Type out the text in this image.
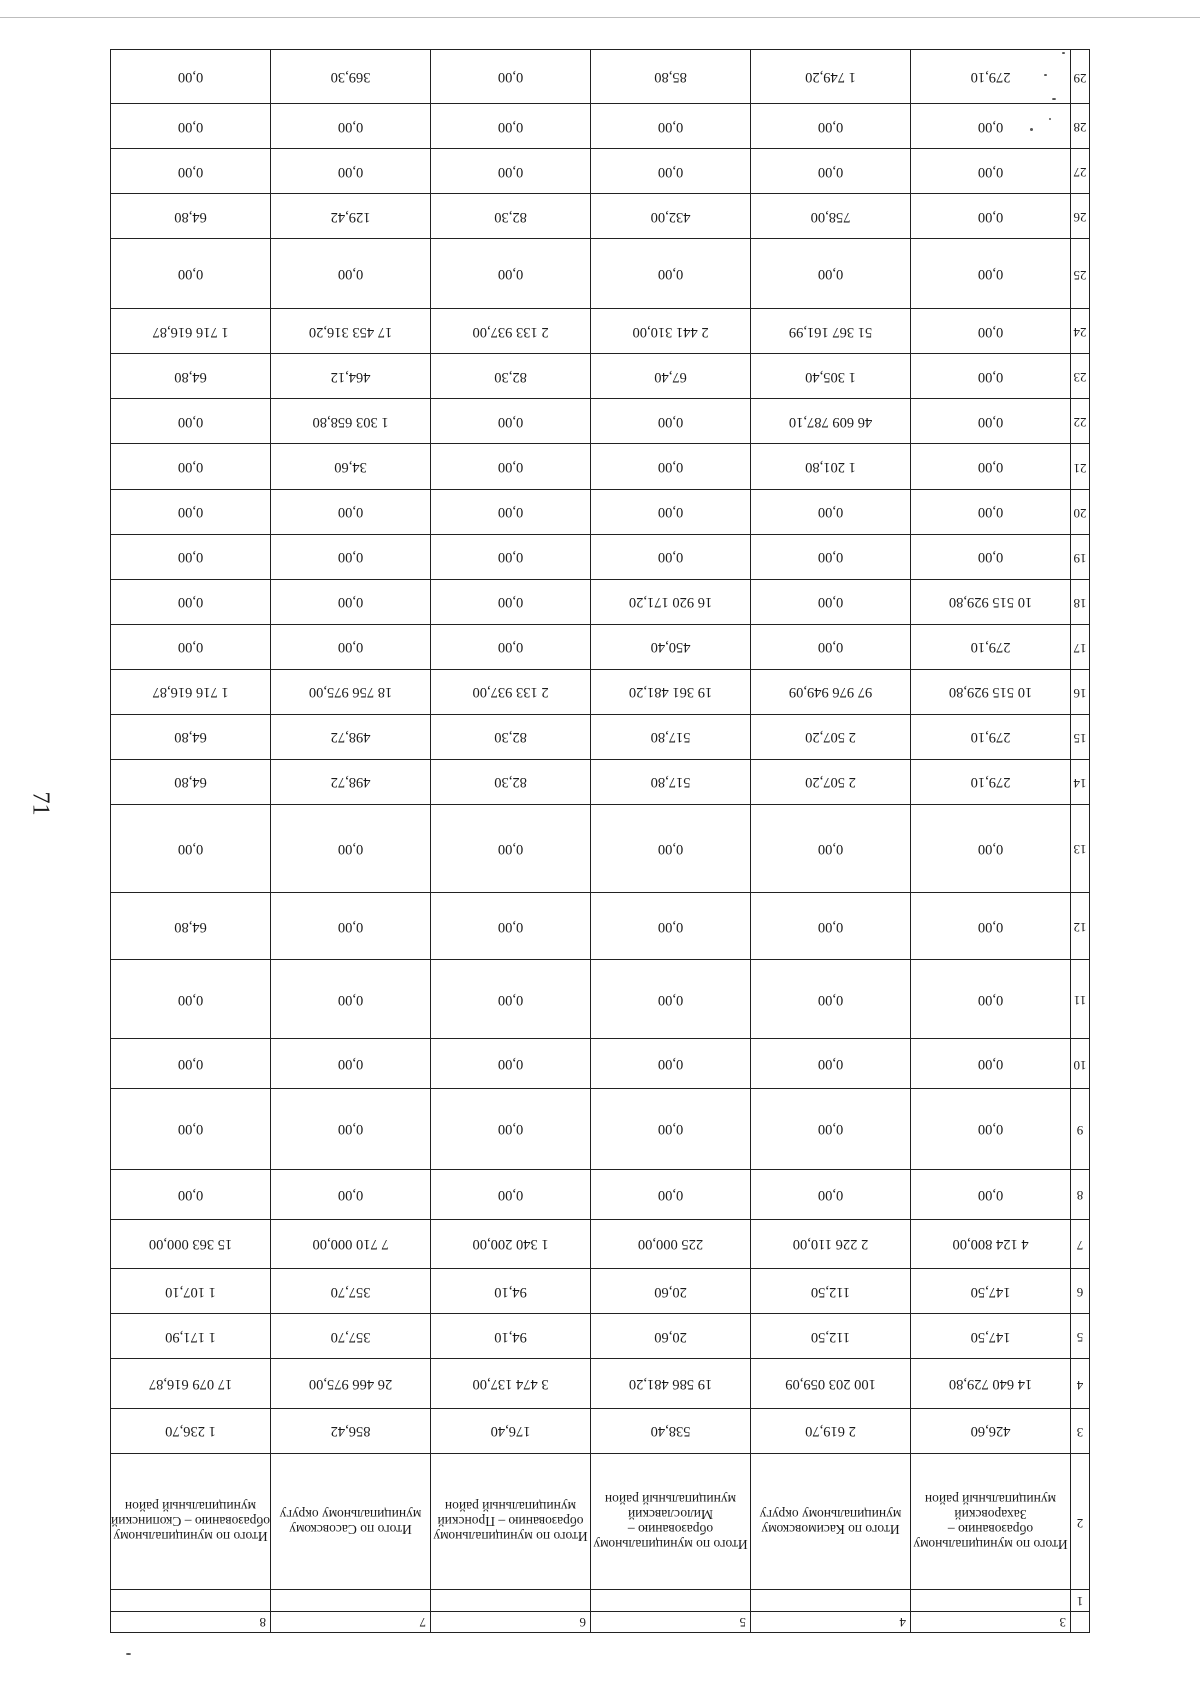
71
	3	4	5	6	7	8
1						
2	Итого по муниципальному образованию – Захаровский муниципальный район	Итого по Касимовскому муниципальному округу	Итого по муниципальному образованию – Милославский муниципальный район	Итого по муниципальному образованию – Пронский муниципальный район	Итого по Сасовскому муниципальному округу	Итого по муниципальному образованию – Скопинский муниципальный район
3	426,60	2 619,70	538,40	176,40	856,42	1 236,70
4	14 640 729,80	100 203 059,09	19 586 481,20	3 474 137,00	26 466 975,00	17 079 616,87
5	147,50	112,50	20,60	94,10	357,70	1 171,90
6	147,50	112,50	20,60	94,10	357,70	1 107,10
7	4 124 800,00	2 226 110,00	225 000,00	1 340 200,00	7 710 000,00	15 363 000,00
8	0,00	0,00	0,00	0,00	0,00	0,00
9	0,00	0,00	0,00	0,00	0,00	0,00
10	0,00	0,00	0,00	0,00	0,00	0,00
11	0,00	0,00	0,00	0,00	0,00	0,00
12	0,00	0,00	0,00	0,00	0,00	64,80
13	0,00	0,00	0,00	0,00	0,00	0,00
14	279,10	2 507,20	517,80	82,30	498,72	64,80
15	279,10	2 507,20	517,80	82,30	498,72	64,80
16	10 515 929,80	97 976 949,09	19 361 481,20	2 133 937,00	18 756 975,00	1 716 616,87
17	279,10	0,00	450,40	0,00	0,00	0,00
18	10 515 929,80	0,00	16 920 171,20	0,00	0,00	0,00
19	0,00	0,00	0,00	0,00	0,00	0,00
20	0,00	0,00	0,00	0,00	0,00	0,00
21	0,00	1 201,80	0,00	0,00	34,60	0,00
22	0,00	46 609 787,10	0,00	0,00	1 303 658,80	0,00
23	0,00	1 305,40	67,40	82,30	464,12	64,80
24	0,00	51 367 161,99	2 441 310,00	2 133 937,00	17 453 316,20	1 716 616,87
25	0,00	0,00	0,00	0,00	0,00	0,00
26	0,00	758,00	432,00	82,30	129,42	64,80
27	0,00	0,00	0,00	0,00	0,00	0,00
28	0,00	0,00	0,00	0,00	0,00	0,00
29	279,10	1 749,20	85,80	0,00	369,30	0,00
